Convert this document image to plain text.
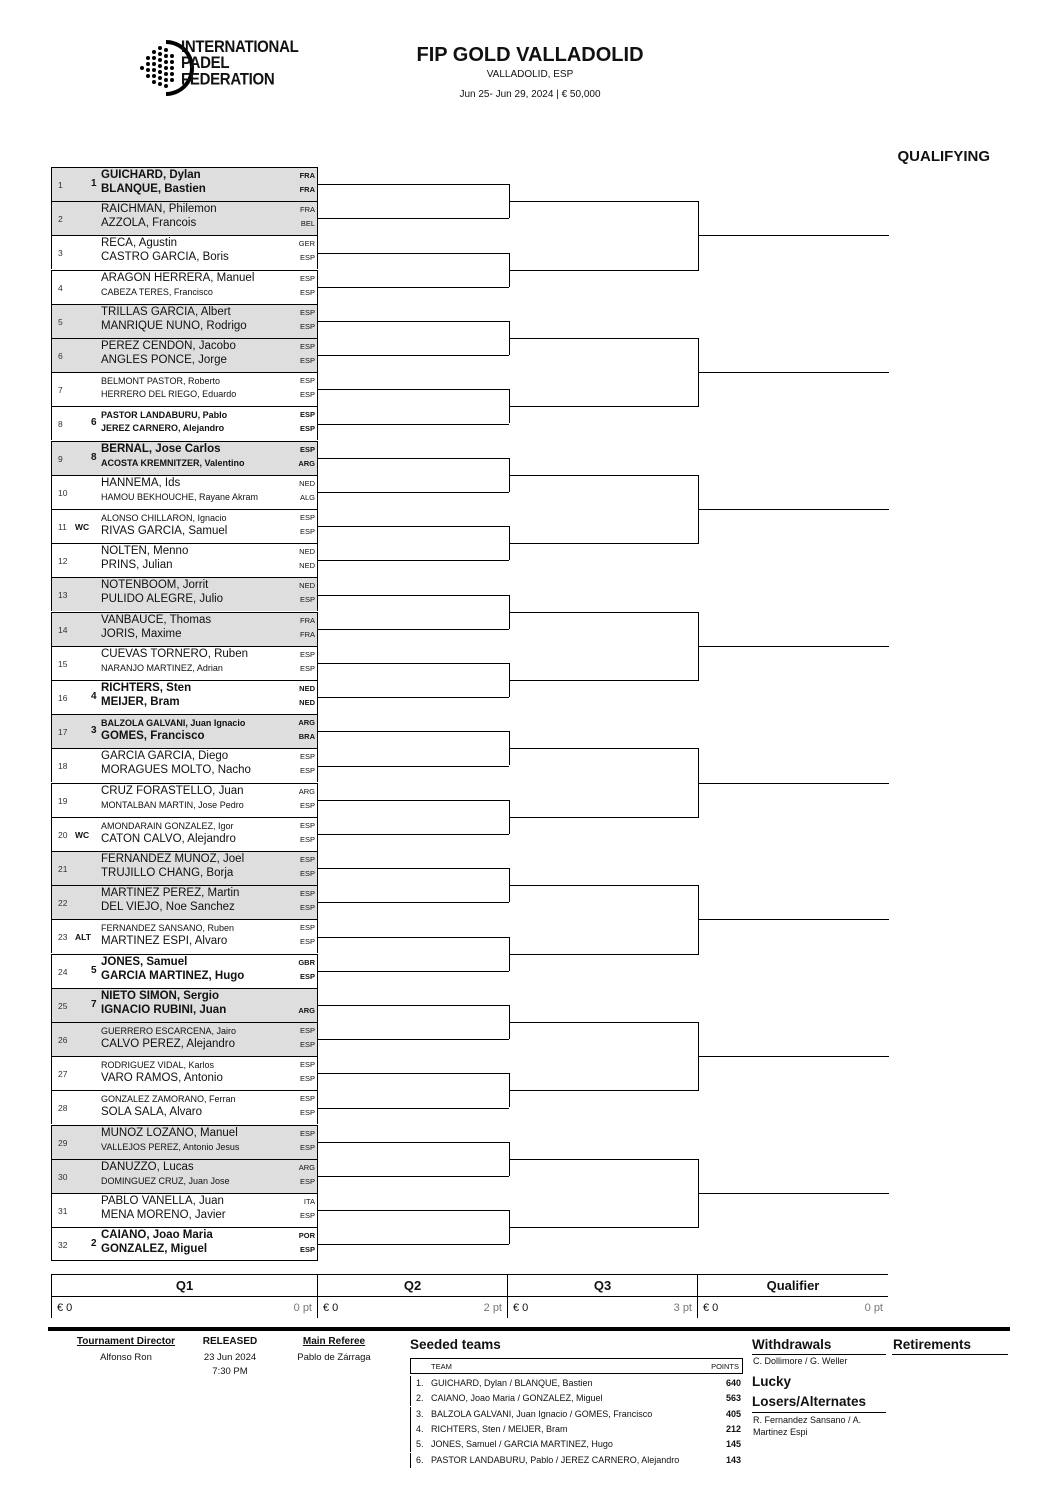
INTERNATIONAL
PADEL
FEDERATION
FIP GOLD VALLADOLID
VALLADOLID, ESP
Jun 25- Jun 29, 2024 | € 50,000
QUALIFYING
1	1
GUICHARD, Dylan
BLANQUE, Bastien
FRA
FRA
2
RAICHMAN, Philemon
AZZOLA, Francois
FRA
BEL
3
RECA, Agustin
CASTRO GARCIA, Boris
GER
ESP
4
ARAGON HERRERA, Manuel
CABEZA TERES, Francisco
ESP
ESP
5
TRILLAS GARCIA, Albert
MANRIQUE NUÑO, Rodrigo
ESP
ESP
6
PEREZ CENDON, Jacobo
ANGLES PONCE, Jorge
ESP
ESP
7
BELMONT PASTOR, Roberto
HERRERO DEL RIEGO, Eduardo
ESP
ESP
8	6
PASTOR LANDABURU, Pablo
JEREZ CARNERO, Alejandro
ESP
ESP
9	8
BERNAL, Jose Carlos
ACOSTA KREMNITZER, Valentino
ESP
ARG
10
HANNEMA, Ids
HAMOU BEKHOUCHE, Rayane Akram
NED
ALG
11 WC
ALONSO CHILLARON, Ignacio
RIVAS GARCIA, Samuel
ESP
ESP
12
NOLTEN, Menno
PRINS, Julian
NED
NED
13
NOTENBOOM, Jorrit
PULIDO ALEGRE, Julio
NED
ESP
14
VANBAUCE, Thomas
JORIS, Maxime
FRA
FRA
15
CUEVAS TORNERO, Ruben
NARANJO MARTINEZ, Adrian
ESP
ESP
16 4
RICHTERS, Sten
MEIJER, Bram
NED
NED
17 3
BALZOLA GALVANI, Juan Ignacio
GOMES, Francisco
ARG
BRA
18
GARCIA GARCIA, Diego
MORAGUES MOLTÓ, Nacho
ESP
ESP
19
CRUZ FORASTELLO, Juan
MONTALBAN MARTIN, Jose Pedro
ARG
ESP
20 WC
AMONDARAIN GONZALEZ, Igor
CATON CALVO, Alejandro
ESP
ESP
21
FERNANDEZ MUÑOZ, Joel
TRUJILLO CHANG, Borja
ESP
ESP
22
MARTINEZ PEREZ, Martin
DEL VIEJO, Noe Sanchez
ESP
ESP
23 ALT
FERNANDEZ SANSANO, Ruben
MARTINEZ ESPI, Alvaro
ESP
ESP
24 5
JONES, Samuel
GARCIA MARTINEZ, Hugo
GBR
ESP
25 7
NIETO SIMON, Sergio
IGNACIO RUBINI, Juan	ARG
26
GUERRERO ESCARCENA, Jairo
CALVO PEREZ, Alejandro
ESP
ESP
27
RODRIGUEZ VIDAL, Karlos
VARO RAMOS, Antonio
ESP
ESP
28
GONZALEZ ZAMORANO, Ferran
SOLA SALA, Alvaro
ESP
ESP
29
MUÑOZ LOZANO, Manuel
VALLEJOS PEREZ, Antonio Jesus
ESP
ESP
30
DANUZZO, Lucas
DOMINGUEZ CRUZ, Juan Jose
ARG
ESP
31
PABLO VANELLA, Juan
MENA MORENO, Javier
ITA
ESP
32 2
CAIANO, Joao Maria
GONZALEZ, Miguel
POR
ESP
Q1	Q2	Q3	Qualifier
€ 0	0 pt € 0	2 pt € 0	3 pt € 0	0 pt
Tournament Director
Alfonso Ron
RELEASED
23 Jun 2024
7:30 PM
Main Referee
Pablo de Zárraga
Seeded teams
TEAM	POINTS
1. GUICHARD, Dylan / BLANQUE, Bastien	640
2. CAIANO, Joao Maria / GONZALEZ, Miguel	563
3. BALZOLA GALVANI, Juan Ignacio / GOMES, Francisco	405
4. RICHTERS, Sten / MEIJER, Bram	212
5. JONES, Samuel / GARCIA MARTINEZ, Hugo	145
6. PASTOR LANDABURU, Pablo / JEREZ CARNERO, Alejandro	143
Withdrawals
C. Dollimore / G. Weller
Lucky
Losers/Alternates
R. Fernandez Sansano / A. Martinez Espi
Retirements
